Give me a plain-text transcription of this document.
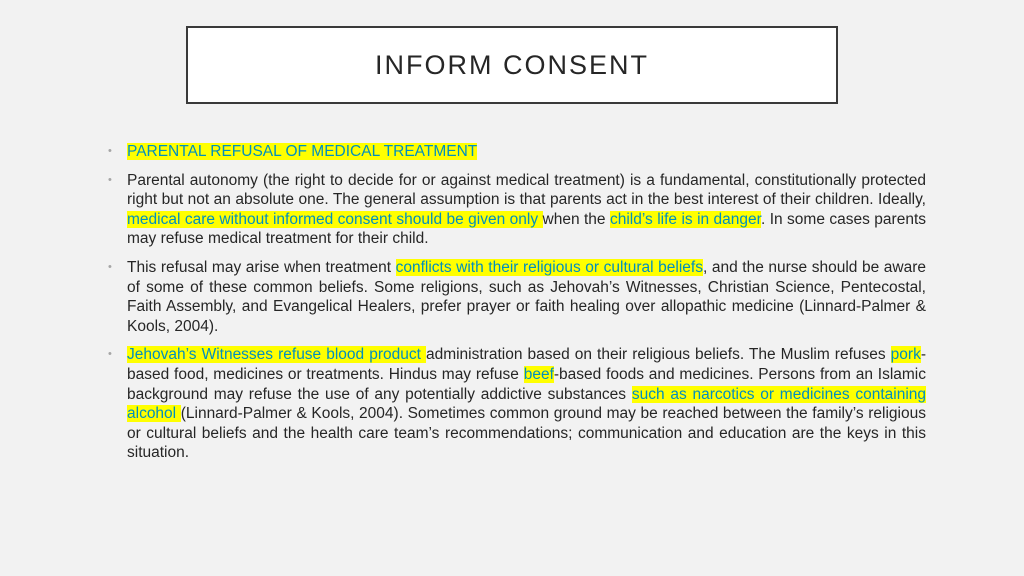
INFORM CONSENT
• PARENTAL REFUSAL OF MEDICAL TREATMENT
• Parental autonomy (the right to decide for or against medical treatment) is a fundamental, constitutionally protected right but not an absolute one. The general assumption is that parents act in the best interest of their children. Ideally, medical care without informed consent should be given only when the child’s life is in danger. In some cases parents may refuse medical treatment for their child.
• This refusal may arise when treatment conflicts with their religious or cultural beliefs, and the nurse should be aware of some of these common beliefs. Some religions, such as Jehovah’s Witnesses, Christian Science, Pentecostal, Faith Assembly, and Evangelical Healers, prefer prayer or faith healing over allopathic medicine (Linnard-Palmer & Kools, 2004).
• Jehovah’s Witnesses refuse blood product administration based on their religious beliefs. The Muslim refuses pork-based food, medicines or treatments. Hindus may refuse beef-based foods and medicines. Persons from an Islamic background may refuse the use of any potentially addictive substances such as narcotics or medicines containing alcohol (Linnard-Palmer & Kools, 2004). Sometimes common ground may be reached between the family’s religious or cultural beliefs and the health care team’s recommendations; communication and education are the keys in this situation.
